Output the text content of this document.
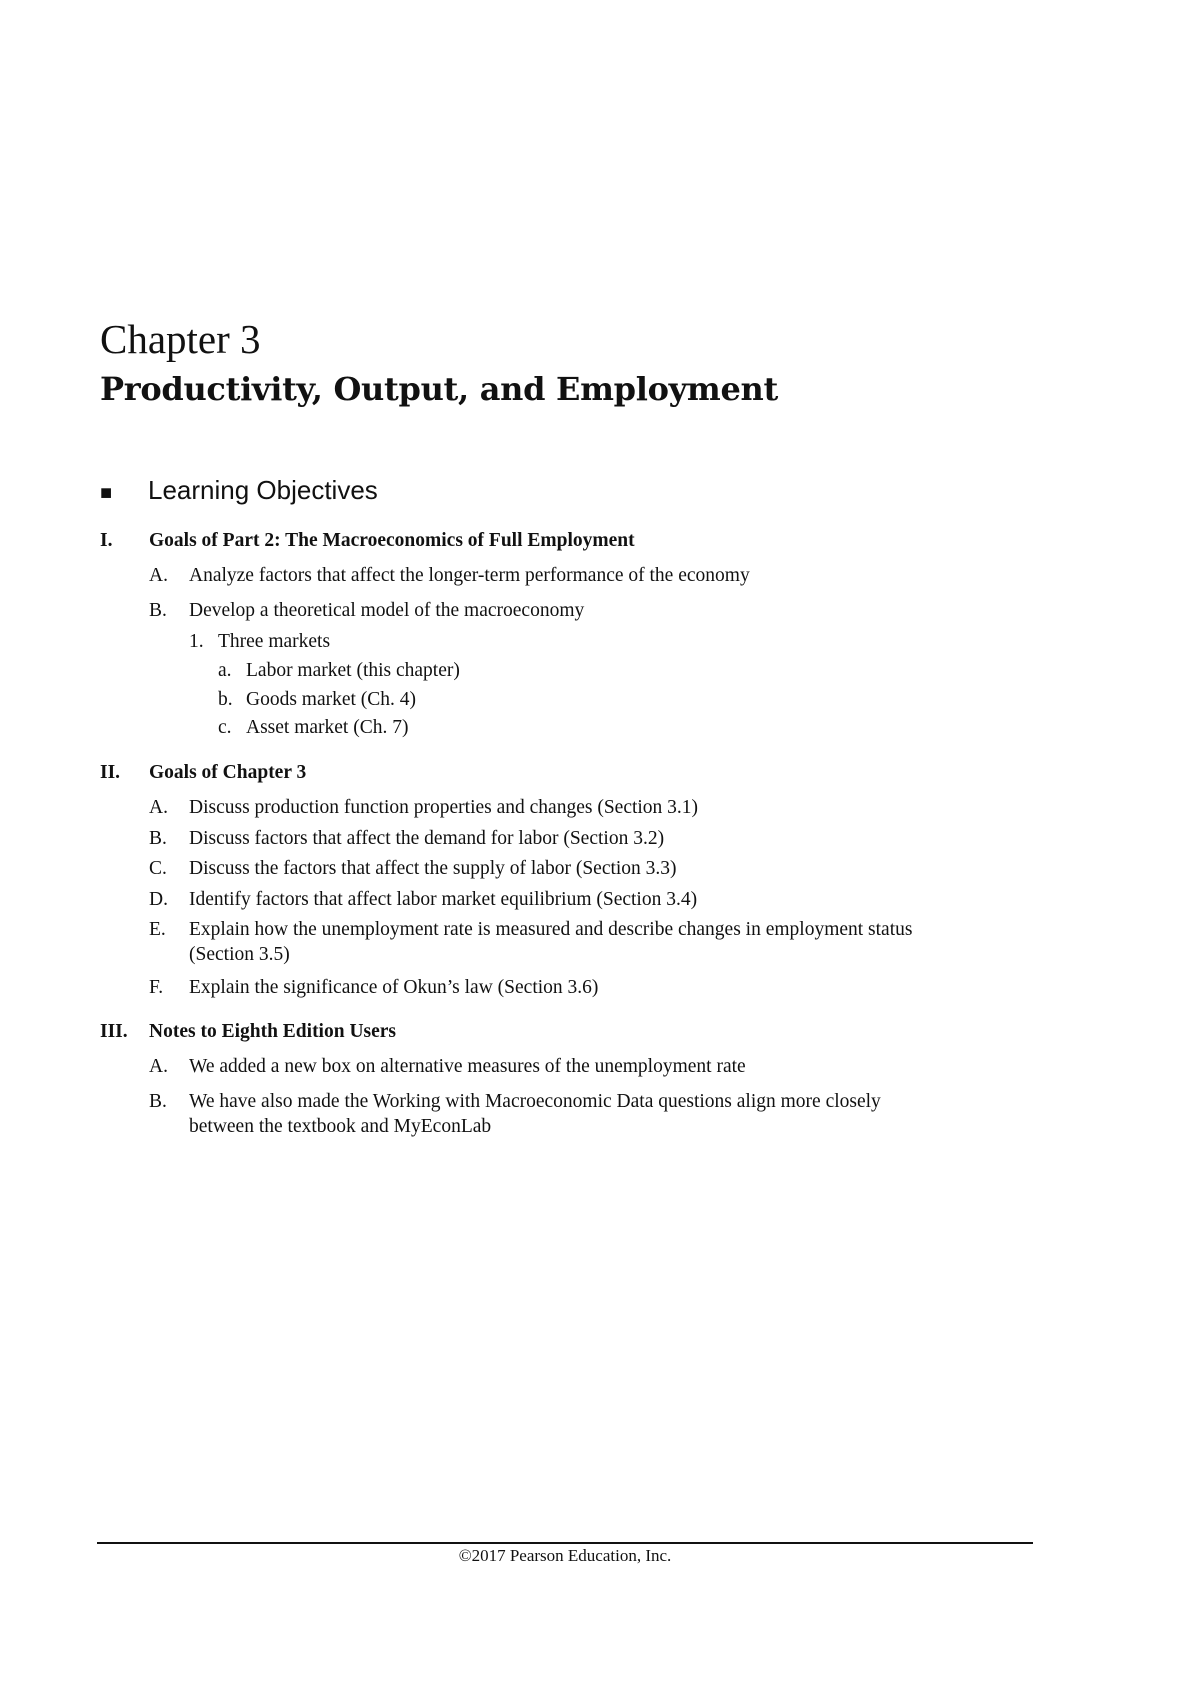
Chapter 3
Productivity, Output, and Employment
■ Learning Objectives
I.	Goals of Part 2: The Macroeconomics of Full Employment
A. Analyze factors that affect the longer-term performance of the economy
B. Develop a theoretical model of the macroeconomy
1. Three markets
a. Labor market (this chapter)
b. Goods market (Ch. 4)
c. Asset market (Ch. 7)
II.	Goals of Chapter 3
A. Discuss production function properties and changes (Section 3.1)
B. Discuss factors that affect the demand for labor (Section 3.2)
C. Discuss the factors that affect the supply of labor (Section 3.3)
D. Identify factors that affect labor market equilibrium (Section 3.4)
E. Explain how the unemployment rate is measured and describe changes in employment status
(Section 3.5)
F. Explain the significance of Okun’s law (Section 3.6)
III.	Notes to Eighth Edition Users
A. We added a new box on alternative measures of the unemployment rate
B. We have also made the Working with Macroeconomic Data questions align more closely
between the textbook and MyEconLab
©2017 Pearson Education, Inc.
